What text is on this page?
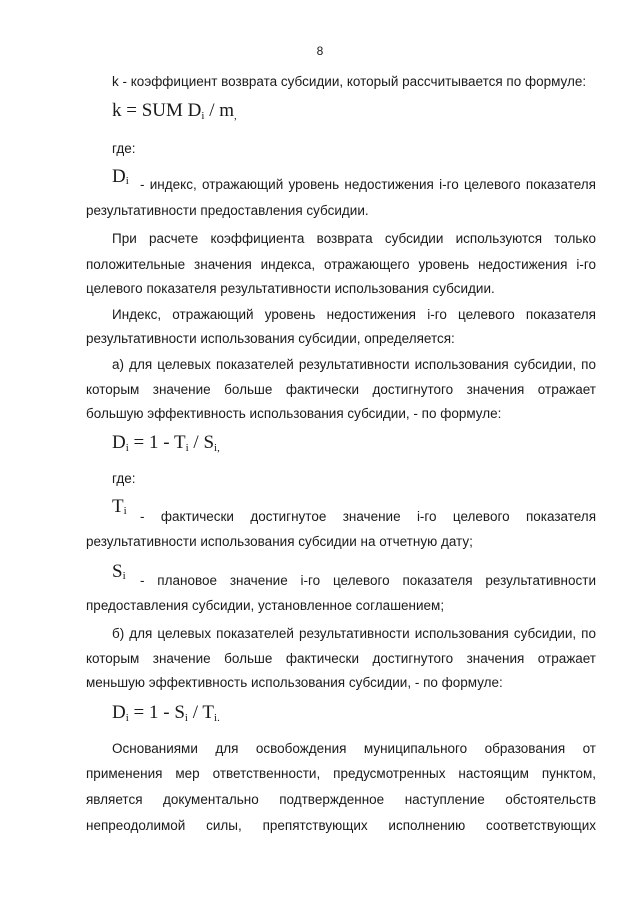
8
k - коэффициент возврата субсидии, который рассчитывается по формуле:
k = SUM $D_i / m_,$
где:
$D_i$ - индекс, отражающий уровень недостижения i-го целевого показателя
результативности предоставления субсидии.
При расчете коэффициента возврата субсидии используются только
положительные значения индекса, отражающего уровень недостижения i-го
целевого показателя результативности использования субсидии.
Индекс, отражающий уровень недостижения i-го целевого показателя
результативности использования субсидии, определяется:
а) для целевых показателей результативности использования субсидии, по
которым значение больше фактически достигнутого значения отражает
большую эффективность использования субсидии, - по формуле:
$D_i = 1 - T_i / S_{i,}$
где:
$T_i$ - фактически достигнутое значение i-го целевого показателя
результативности использования субсидии на отчетную дату;
$S_i$ - плановое значение i-го целевого показателя результативности
предоставления субсидии, установленное соглашением;
б) для целевых показателей результативности использования субсидии, по
которым значение больше фактически достигнутого значения отражает
меньшую эффективность использования субсидии, - по формуле:
$D_i = 1 - S_i / T_{i.}$
Основаниями для освобождения муниципального образования от
применения мер ответственности, предусмотренных настоящим пунктом,
является документально подтвержденное наступление обстоятельств
непреодолимой силы, препятствующих исполнению соответствующих
